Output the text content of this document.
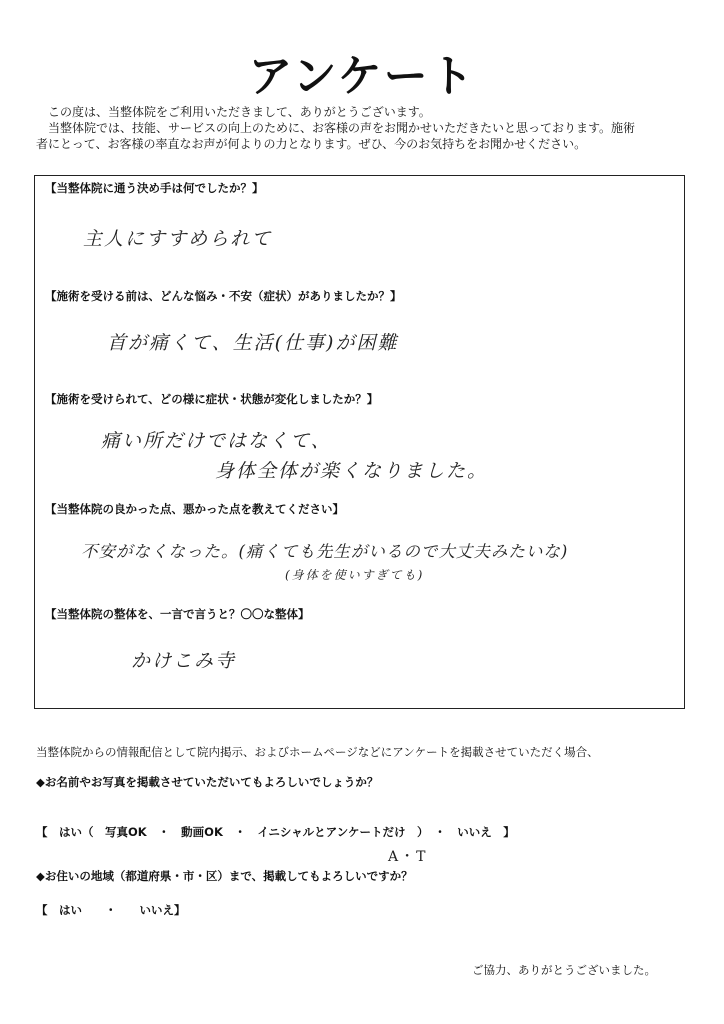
アンケート

この度は、当整体院をご利用いただきまして、ありがとうございます。

当整体院では、技能、サービスの向上のために、お客様の声をお聞かせいただきたいと思っております。施術

者にとって、お客様の率直なお声が何よりの力となります。ぜひ、今のお気持ちをお聞かせください。

【当整体院に通う決め手は何でしたか？】
主人にすすめられて
【施術を受ける前は、どんな悩み・不安（症状）がありましたか？】
首が痛くて、生活(仕事)が困難
【施術を受けられて、どの様に症状・状態が変化しましたか？】
痛い所だけではなくて、
身体全体が楽くなりました。
【当整体院の良かった点、悪かった点を教えてください】
不安がなくなった。(痛くても先生がいるので大丈夫みたいな)
(身体を使いすぎても)
【当整体院の整体を、一言で言うと？〇〇な整体】
かけこみ寺
当整体院からの情報配信として院内掲示、およびホームページなどにアンケートを掲載させていただく場合、
◆お名前やお写真を掲載させていただいてもよろしいでしょうか？
【　はい（　写真OK　・　動画OK　・　イニシャルとアンケートだけ　）　・　いいえ　】
A・T
◆お住いの地域（都道府県・市・区）まで、掲載してもよろしいですか？
【　はい　　・　　いいえ】
ご協力、ありがとうございました。
